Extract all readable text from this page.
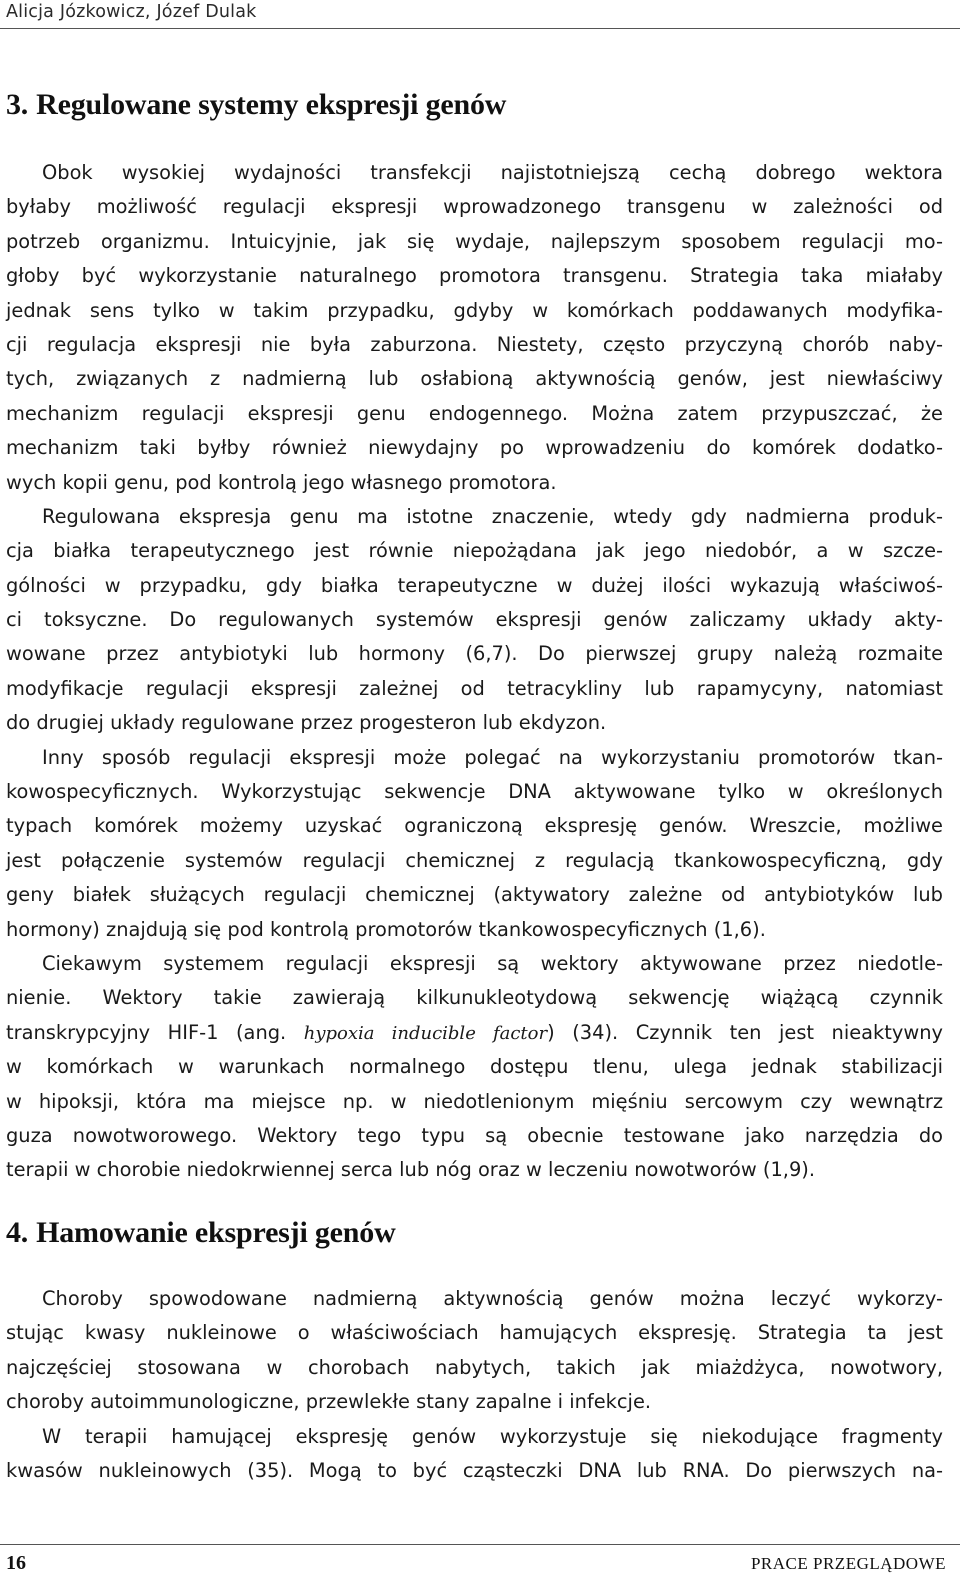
Alicja Józkowicz, Józef Dulak
3. Regulowane systemy ekspresji genów
Obok wysokiej wydajności transfekcji najistotniejszą cechą dobrego wektora
byłaby możliwość regulacji ekspresji wprowadzonego transgenu w zależności od
potrzeb organizmu. Intuicyjnie, jak się wydaje, najlepszym sposobem regulacji mo-
głoby być wykorzystanie naturalnego promotora transgenu. Strategia taka miałaby
jednak sens tylko w takim przypadku, gdyby w komórkach poddawanych modyfika-
cji regulacja ekspresji nie była zaburzona. Niestety, często przyczyną chorób naby-
tych, związanych z nadmierną lub osłabioną aktywnością genów, jest niewłaściwy
mechanizm regulacji ekspresji genu endogennego. Można zatem przypuszczać, że
mechanizm taki byłby również niewydajny po wprowadzeniu do komórek dodatko-
wych kopii genu, pod kontrolą jego własnego promotora.
Regulowana ekspresja genu ma istotne znaczenie, wtedy gdy nadmierna produk-
cja białka terapeutycznego jest równie niepożądana jak jego niedobór, a w szcze-
gólności w przypadku, gdy białka terapeutyczne w dużej ilości wykazują właściwoś-
ci toksyczne. Do regulowanych systemów ekspresji genów zaliczamy układy akty-
wowane przez antybiotyki lub hormony (6,7). Do pierwszej grupy należą rozmaite
modyfikacje regulacji ekspresji zależnej od tetracykliny lub rapamycyny, natomiast
do drugiej układy regulowane przez progesteron lub ekdyzon.
Inny sposób regulacji ekspresji może polegać na wykorzystaniu promotorów tkan-
kowospecyficznych. Wykorzystując sekwencje DNA aktywowane tylko w określonych
typach komórek możemy uzyskać ograniczoną ekspresję genów. Wreszcie, możliwe
jest połączenie systemów regulacji chemicznej z regulacją tkankowospecyficzną, gdy
geny białek służących regulacji chemicznej (aktywatory zależne od antybiotyków lub
hormony) znajdują się pod kontrolą promotorów tkankowospecyficznych (1,6).
Ciekawym systemem regulacji ekspresji są wektory aktywowane przez niedotle-
nienie. Wektory takie zawierają kilkunukleotydową sekwencję wiążącą czynnik
transkrypcyjny HIF-1 (ang. hypoxia inducible factor) (34). Czynnik ten jest nieaktywny
w komórkach w warunkach normalnego dostępu tlenu, ulega jednak stabilizacji
w hipoksji, która ma miejsce np. w niedotlenionym mięśniu sercowym czy wewnątrz
guza nowotworowego. Wektory tego typu są obecnie testowane jako narzędzia do
terapii w chorobie niedokrwiennej serca lub nóg oraz w leczeniu nowotworów (1,9).
4. Hamowanie ekspresji genów
Choroby spowodowane nadmierną aktywnością genów można leczyć wykorzy-
stując kwasy nukleinowe o właściwościach hamujących ekspresję. Strategia ta jest
najczęściej stosowana w chorobach nabytych, takich jak miażdżyca, nowotwory,
choroby autoimmunologiczne, przewlekłe stany zapalne i infekcje.
W terapii hamującej ekspresję genów wykorzystuje się niekodujące fragmenty
kwasów nukleinowych (35). Mogą to być cząsteczki DNA lub RNA. Do pierwszych na-
16	PRACE PRZEGLĄDOWE
